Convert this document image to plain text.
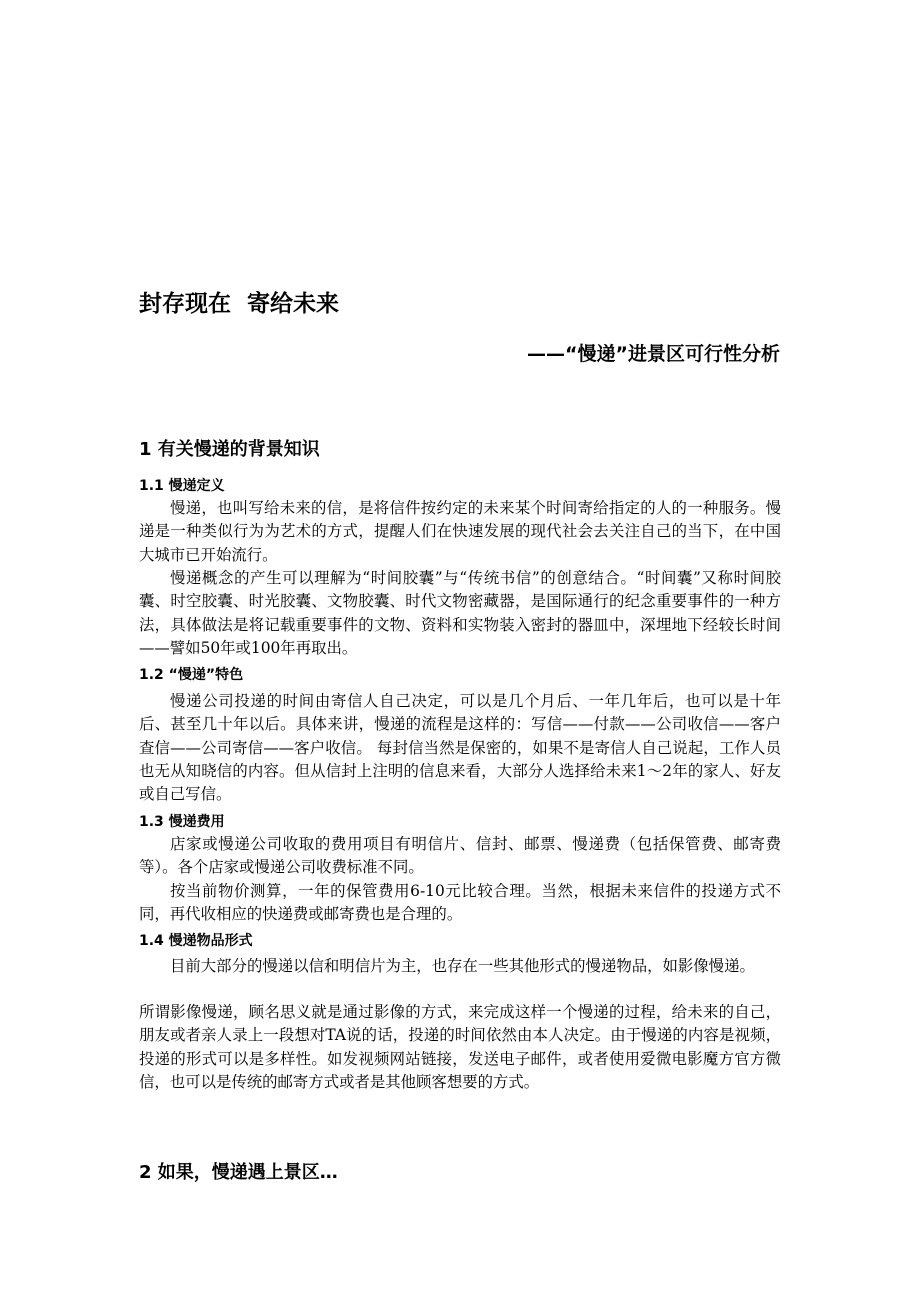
封存现在  寄给未来
——“慢递”进景区可行性分析
1 有关慢递的背景知识
1.1 慢递定义

慢递，也叫写给未来的信，是将信件按约定的未来某个时间寄给指定的人的一种服务。慢递是一种类似行为为艺术的方式，提醒人们在快速发展的现代社会去关注自己的当下，在中国大城市已开始流行。

慢递概念的产生可以理解为“时间胶囊”与“传统书信”的创意结合。“时间囊”又称时间胶囊、时空胶囊、时光胶囊、文物胶囊、时代文物密藏器，是国际通行的纪念重要事件的一种方法，具体做法是将记载重要事件的文物、资料和实物装入密封的器皿中，深埋地下经较长时间——譬如50年或100年再取出。

1.2 “慢递”特色

慢递公司投递的时间由寄信人自己决定，可以是几个月后、一年几年后，也可以是十年后、甚至几十年以后。具体来讲，慢递的流程是这样的：写信——付款——公司收信——客户查信——公司寄信——客户收信。 每封信当然是保密的，如果不是寄信人自己说起，工作人员也无从知晓信的内容。但从信封上注明的信息来看，大部分人选择给未来1～2年的家人、好友或自己写信。

1.3 慢递费用

店家或慢递公司收取的费用项目有明信片、信封、邮票、慢递费（包括保管费、邮寄费等）。各个店家或慢递公司收费标准不同。

按当前物价测算，一年的保管费用6-10元比较合理。当然，根据未来信件的投递方式不同，再代收相应的快递费或邮寄费也是合理的。

1.4 慢递物品形式

目前大部分的慢递以信和明信片为主，也存在一些其他形式的慢递物品，如影像慢递。

所谓影像慢递，顾名思义就是通过影像的方式，来完成这样一个慢递的过程，给未来的自己，朋友或者亲人录上一段想对TA说的话，投递的时间依然由本人决定。由于慢递的内容是视频，投递的形式可以是多样性。如发视频网站链接，发送电子邮件，或者使用爱微电影魔方官方微信，也可以是传统的邮寄方式或者是其他顾客想要的方式。

2 如果，慢递遇上景区…
